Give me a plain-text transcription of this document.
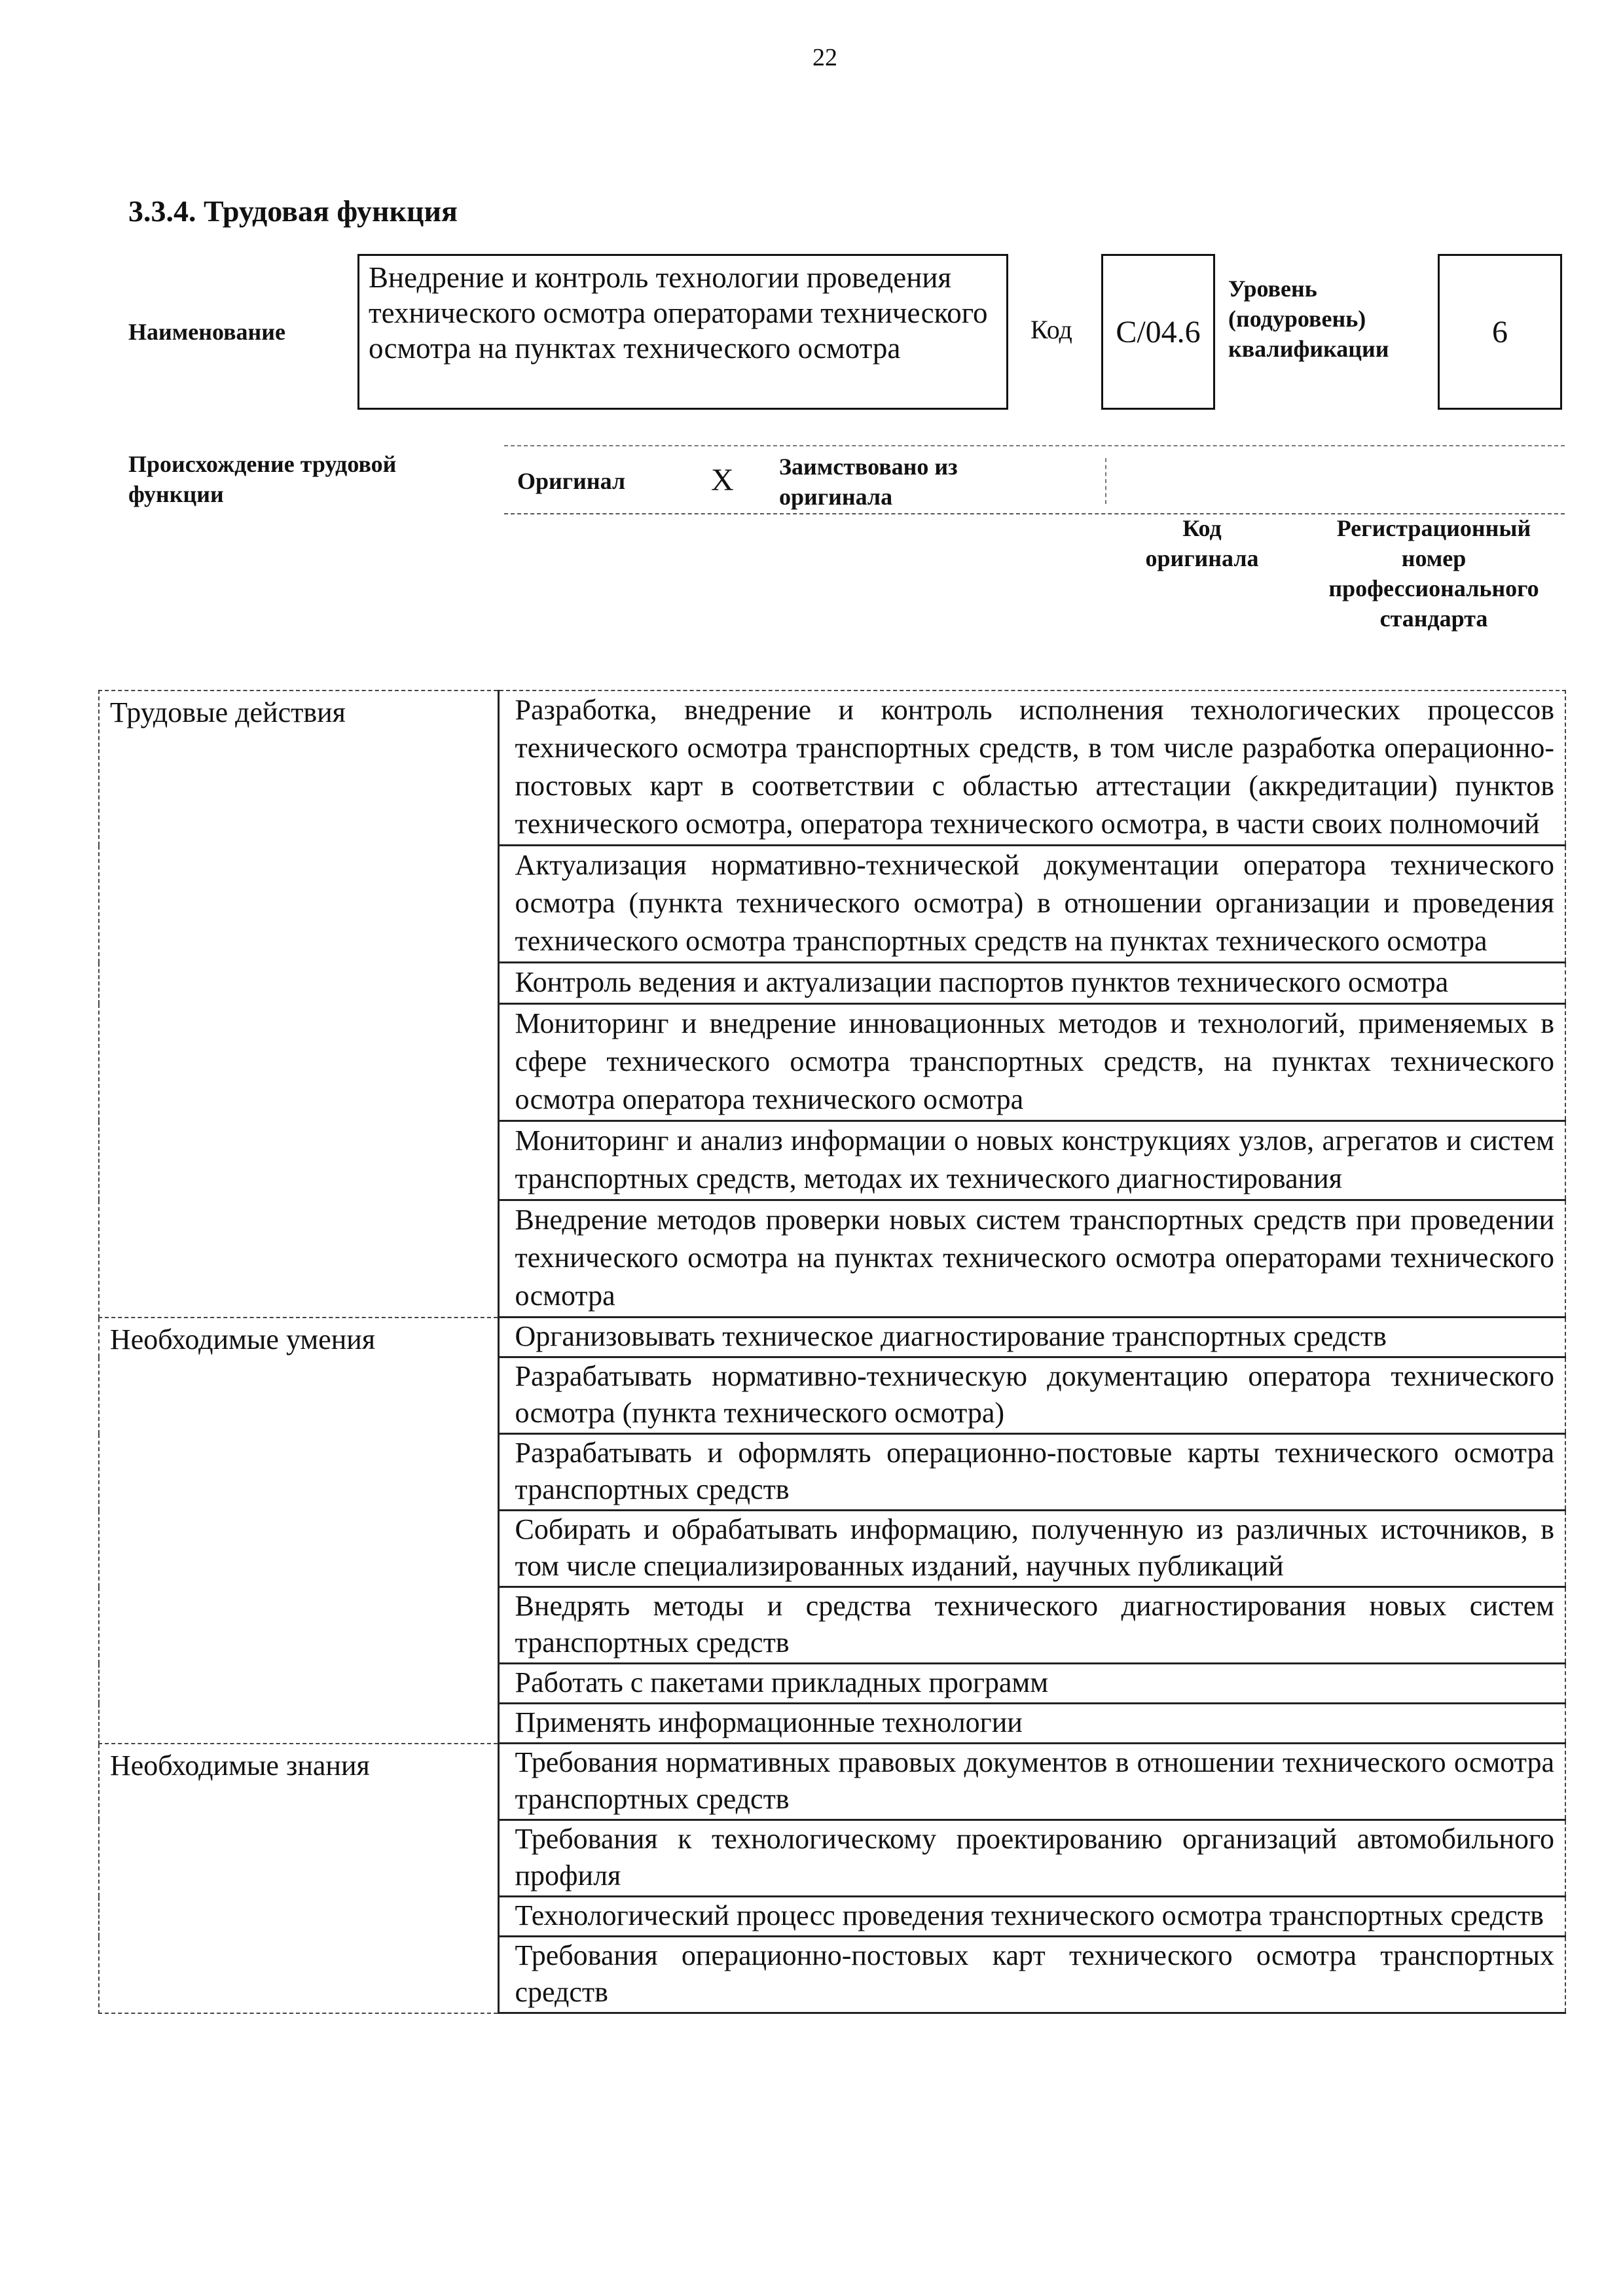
22
3.3.4. Трудовая функция
Наименование
Внедрение и контроль технологии проведения технического осмотра операторами технического осмотра на пунктах технического осмотра
Код	C/04.6
Уровень (подуровень) квалификации	6
Происхождение трудовой функции	Оригинал	X Заимствовано из оригинала
Код оригинала
Регистрационный номер профессионального стандарта
Трудовые действия	Разработка, внедрение и контроль исполнения технологических процессов технического осмотра транспортных средств, в том числе разработка операционно-постовых карт в соответствии с областью аттестации (аккредитации) пунктов технического осмотра, оператора технического осмотра, в части своих полномочий
	Актуализация нормативно-технической документации оператора технического осмотра (пункта технического осмотра) в отношении организации и проведения технического осмотра транспортных средств на пунктах технического осмотра
	Контроль ведения и актуализации паспортов пунктов технического осмотра
	Мониторинг и внедрение инновационных методов и технологий, применяемых в сфере технического осмотра транспортных средств, на пунктах технического осмотра оператора технического осмотра
	Мониторинг и анализ информации о новых конструкциях узлов, агрегатов и систем транспортных средств, методах их технического диагностирования
	Внедрение методов проверки новых систем транспортных средств при проведении технического осмотра на пунктах технического осмотра операторами технического осмотра
Необходимые умения	Организовывать техническое диагностирование транспортных средств
	Разрабатывать нормативно-техническую документацию оператора технического осмотра (пункта технического осмотра)
	Разрабатывать и оформлять операционно-постовые карты технического осмотра транспортных средств
	Собирать и обрабатывать информацию, полученную из различных источников, в том числе специализированных изданий, научных публикаций
	Внедрять методы и средства технического диагностирования новых систем транспортных средств
	Работать с пакетами прикладных программ
	Применять информационные технологии
Необходимые знания	Требования нормативных правовых документов в отношении технического осмотра транспортных средств
	Требования к технологическому проектированию организаций автомобильного профиля
	Технологический процесс проведения технического осмотра транспортных средств
	Требования операционно-постовых карт технического осмотра транспортных средств
